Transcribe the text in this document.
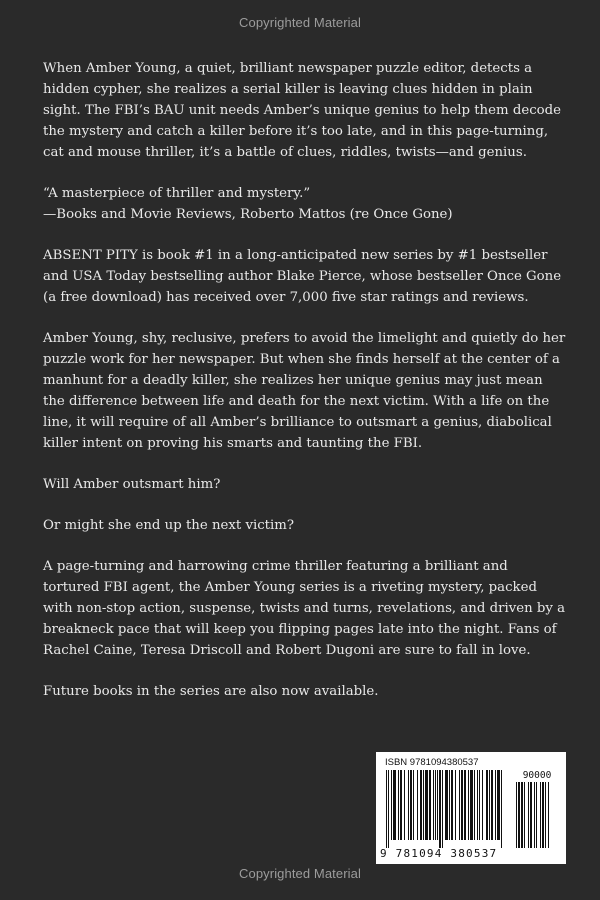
Copyrighted Material

When Amber Young, a quiet, brilliant newspaper puzzle editor, detects a hidden cypher, she realizes a serial killer is leaving clues hidden in plain sight. The FBI’s BAU unit needs Amber’s unique genius to help them decode the mystery and catch a killer before it’s too late, and in this page-turning, cat and mouse thriller, it’s a battle of clues, riddles, twists—and genius.

“A masterpiece of thriller and mystery.”
—Books and Movie Reviews, Roberto Mattos (re Once Gone)

ABSENT PITY is book #1 in a long-anticipated new series by #1 bestseller and USA Today bestselling author Blake Pierce, whose bestseller Once Gone (a free download) has received over 7,000 five star ratings and reviews.

Amber Young, shy, reclusive, prefers to avoid the limelight and quietly do her puzzle work for her newspaper. But when she finds herself at the center of a manhunt for a deadly killer, she realizes her unique genius may just mean the difference between life and death for the next victim. With a life on the line, it will require of all Amber’s brilliance to outsmart a genius, diabolical killer intent on proving his smarts and taunting the FBI.

Will Amber outsmart him?

Or might she end up the next victim?

A page-turning and harrowing crime thriller featuring a brilliant and tortured FBI agent, the Amber Young series is a riveting mystery, packed with non-stop action, suspense, twists and turns, revelations, and driven by a breakneck pace that will keep you flipping pages late into the night. Fans of Rachel Caine, Teresa Driscoll and Robert Dugoni are sure to fall in love.

Future books in the series are also now available.

ISBN 9781094380537
90000
9 781094 380537
Copyrighted Material
